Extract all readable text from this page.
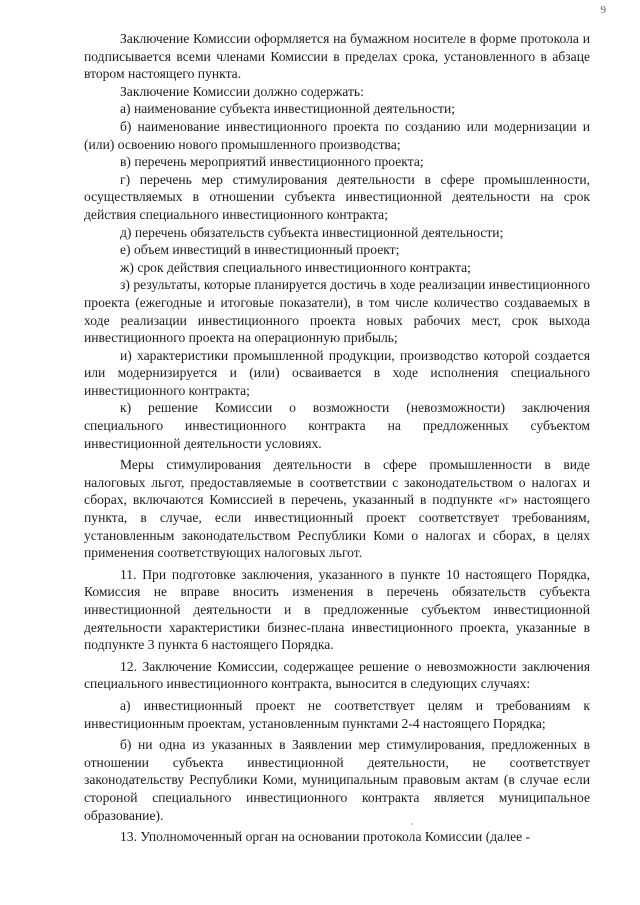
9

Заключение Комиссии оформляется на бумажном носителе в форме протокола и подписывается всеми членами Комиссии в пределах срока, установленного в абзаце втором настоящего пункта.

Заключение Комиссии должно содержать:

а) наименование субъекта инвестиционной деятельности;

б) наименование инвестиционного проекта по созданию или модернизации и (или) освоению нового промышленного производства;

в) перечень мероприятий инвестиционного проекта;

г) перечень мер стимулирования деятельности в сфере промышленности, осуществляемых в отношении субъекта инвестиционной деятельности на срок действия специального инвестиционного контракта;

д) перечень обязательств субъекта инвестиционной деятельности;

е) объем инвестиций в инвестиционный проект;

ж) срок действия специального инвестиционного контракта;

з) результаты, которые планируется достичь в ходе реализации инвестиционного проекта (ежегодные и итоговые показатели), в том числе количество создаваемых в ходе реализации инвестиционного проекта новых рабочих мест, срок выхода инвестиционного проекта на операционную прибыль;

и) характеристики промышленной продукции, производство которой создается или модернизируется и (или) осваивается в ходе исполнения специального инвестиционного контракта;

к) решение Комиссии о возможности (невозможности) заключения специального инвестиционного контракта на предложенных субъектом инвестиционной деятельности условиях.

Меры стимулирования деятельности в сфере промышленности в виде налоговых льгот, предоставляемые в соответствии с законодательством о налогах и сборах, включаются Комиссией в перечень, указанный в подпункте «г» настоящего пункта, в случае, если инвестиционный проект соответствует требованиям, установленным законодательством Республики Коми о налогах и сборах, в целях применения соответствующих налоговых льгот.

11. При подготовке заключения, указанного в пункте 10 настоящего Порядка, Комиссия не вправе вносить изменения в перечень обязательств субъекта инвестиционной деятельности и в предложенные субъектом инвестиционной деятельности характеристики бизнес-плана инвестиционного проекта, указанные в подпункте 3 пункта 6 настоящего Порядка.

12. Заключение Комиссии, содержащее решение о невозможности заключения специального инвестиционного контракта, выносится в следующих случаях:

а) инвестиционный проект не соответствует целям и требованиям к инвестиционным проектам, установленным пунктами 2-4 настоящего Порядка;

б) ни одна из указанных в Заявлении мер стимулирования, предложенных в отношении субъекта инвестиционной деятельности, не соответствует законодательству Республики Коми, муниципальным правовым актам (в случае если стороной специального инвестиционного контракта является муниципальное образование).

13. Уполномоченный орган на основании протокола Комиссии (далее -
